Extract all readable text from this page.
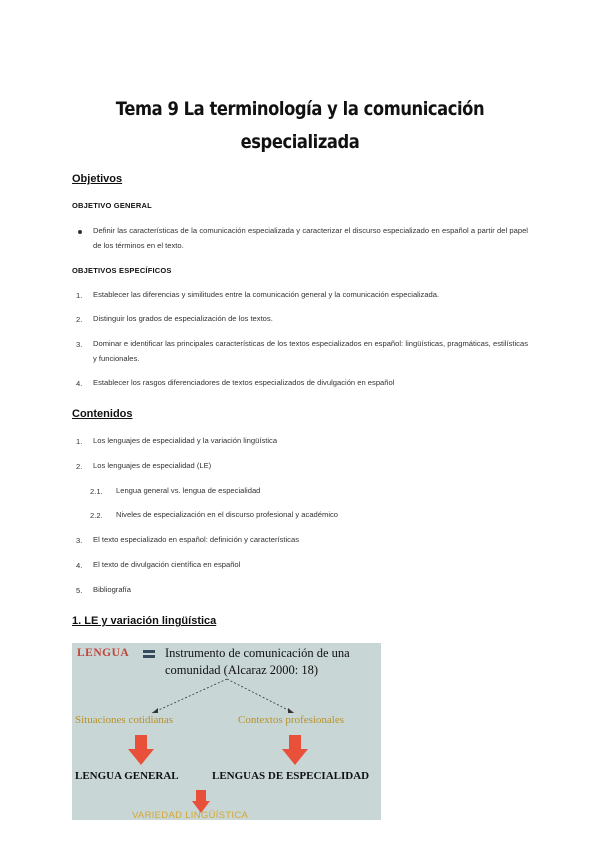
Tema 9 La terminología y la comunicación
especializada
Objetivos
OBJETIVO GENERAL
Definir las características de la comunicación especializada y caracterizar el discurso especializado en español a partir del papel de los términos en el texto.
OBJETIVOS ESPECÍFICOS
1. Establecer las diferencias y similitudes entre la comunicación general y la comunicación especializada.
2. Distinguir los grados de especialización de los textos.
3. Dominar e identificar las principales características de los textos especializados en español: lingüísticas, pragmáticas, estilísticas y funcionales.
4. Establecer los rasgos diferenciadores de textos especializados de divulgación en español
Contenidos
1. Los lenguajes de especialidad y la variación lingüística
2. Los lenguajes de especialidad (LE)
2.1. Lengua general vs. lengua de especialidad
2.2. Niveles de especialización en el discurso profesional y académico
3. El texto especializado en español: definición y características
4. El texto de divulgación científica en español
5. Bibliografía
1. LE y variación lingüística
LENGUA	Instrumento de comunicación de una comunidad (Alcaraz 2000: 18)
Situaciones cotidianas	Contextos profesionales
LENGUA GENERAL	LENGUAS DE ESPECIALIDAD
VARIEDAD LINGÜÍSTICA
